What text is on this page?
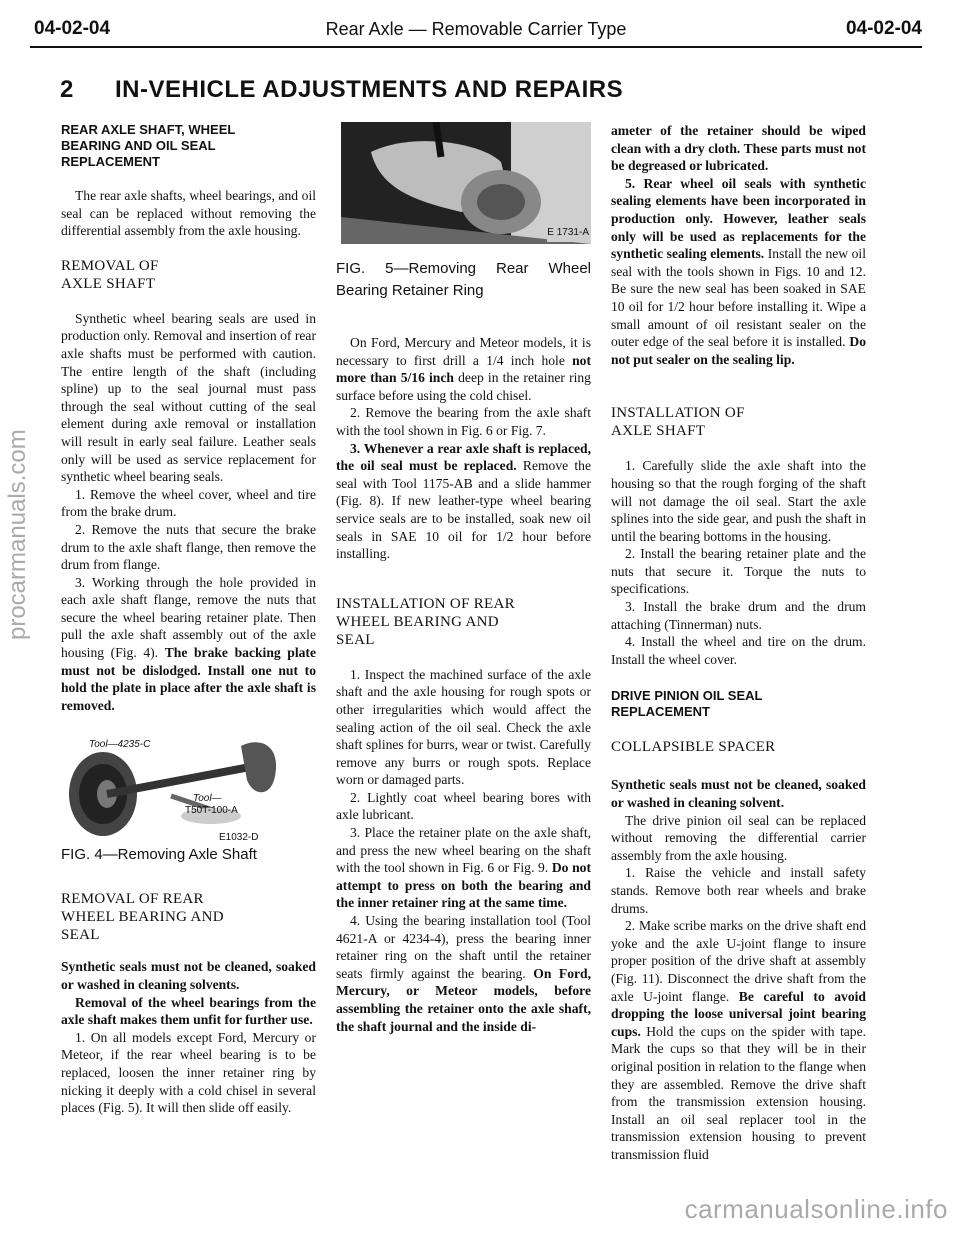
04-02-04	Rear Axle — Removable Carrier Type	04-02-04
2 IN-VEHICLE ADJUSTMENTS AND REPAIRS

REAR AXLE SHAFT, WHEEL
BEARING AND OIL SEAL
REPLACEMENT

The rear axle shafts, wheel bearings, and oil seal can be replaced without removing the differential assembly from the axle housing.

REMOVAL OF
AXLE SHAFT

Synthetic wheel bearing seals are used in production only. Removal and insertion of rear axle shafts must be performed with caution. The entire length of the shaft (including spline) up to the seal journal must pass through the seal without cutting of the seal element during axle removal or installation will result in early seal failure. Leather seals only will be used as service replacement for synthetic wheel bearing seals.

1. Remove the wheel cover, wheel and tire from the brake drum.

2. Remove the nuts that secure the brake drum to the axle shaft flange, then remove the drum from flange.

3. Working through the hole provided in each axle shaft flange, remove the nuts that secure the wheel bearing retainer plate. Then pull the axle shaft assembly out of the axle housing (Fig. 4). The brake backing plate must not be dislodged. Install one nut to hold the plate in place after the axle shaft is removed.

Tool—4235-C
Tool—
T50T-100-A
E1032-D

FIG. 4—Removing Axle Shaft

REMOVAL OF REAR
WHEEL BEARING AND
SEAL

Synthetic seals must not be cleaned, soaked or washed in cleaning solvents.

Removal of the wheel bearings from the axle shaft makes them unfit for further use.

1. On all models except Ford, Mercury or Meteor, if the rear wheel bearing is to be replaced, loosen the inner retainer ring by nicking it deeply with a cold chisel in several places (Fig. 5). It will then slide off easily.

E 1731-A

FIG. 5—Removing Rear Wheel Bearing Retainer Ring

On Ford, Mercury and Meteor models, it is necessary to first drill a 1/4 inch hole not more than 5/16 inch deep in the retainer ring surface before using the cold chisel.

2. Remove the bearing from the axle shaft with the tool shown in Fig. 6 or Fig. 7.

3. Whenever a rear axle shaft is replaced, the oil seal must be replaced. Remove the seal with Tool 1175-AB and a slide hammer (Fig. 8). If new leather-type wheel bearing service seals are to be installed, soak new oil seals in SAE 10 oil for 1/2 hour before installing.

INSTALLATION OF REAR
WHEEL BEARING AND
SEAL

1. Inspect the machined surface of the axle shaft and the axle housing for rough spots or other irregularities which would affect the sealing action of the oil seal. Check the axle shaft splines for burrs, wear or twist. Carefully remove any burrs or rough spots. Replace worn or damaged parts.

2. Lightly coat wheel bearing bores with axle lubricant.

3. Place the retainer plate on the axle shaft, and press the new wheel bearing on the shaft with the tool shown in Fig. 6 or Fig. 9. Do not attempt to press on both the bearing and the inner retainer ring at the same time.

4. Using the bearing installation tool (Tool 4621-A or 4234-4), press the bearing inner retainer ring on the shaft until the retainer seats firmly against the bearing. On Ford, Mercury, or Meteor models, before assembling the retainer onto the axle shaft, the shaft journal and the inside di-

ameter of the retainer should be wiped clean with a dry cloth. These parts must not be degreased or lubricated.

5. Rear wheel oil seals with synthetic sealing elements have been incorporated in production only. However, leather seals only will be used as replacements for the synthetic sealing elements. Install the new oil seal with the tools shown in Figs. 10 and 12. Be sure the new seal has been soaked in SAE 10 oil for 1/2 hour before installing it. Wipe a small amount of oil resistant sealer on the outer edge of the seal before it is installed. Do not put sealer on the sealing lip.

INSTALLATION OF
AXLE SHAFT

1. Carefully slide the axle shaft into the housing so that the rough forging of the shaft will not damage the oil seal. Start the axle splines into the side gear, and push the shaft in until the bearing bottoms in the housing.

2. Install the bearing retainer plate and the nuts that secure it. Torque the nuts to specifications.

3. Install the brake drum and the drum attaching (Tinnerman) nuts.

4. Install the wheel and tire on the drum. Install the wheel cover.

DRIVE PINION OIL SEAL
REPLACEMENT

COLLAPSIBLE SPACER

Synthetic seals must not be cleaned, soaked or washed in cleaning solvent.

The drive pinion oil seal can be replaced without removing the differential carrier assembly from the axle housing.

1. Raise the vehicle and install safety stands. Remove both rear wheels and brake drums.

2. Make scribe marks on the drive shaft end yoke and the axle U-joint flange to insure proper position of the drive shaft at assembly (Fig. 11). Disconnect the drive shaft from the axle U-joint flange. Be careful to avoid dropping the loose universal joint bearing cups. Hold the cups on the spider with tape. Mark the cups so that they will be in their original position in relation to the flange when they are assembled. Remove the drive shaft from the transmission extension housing. Install an oil seal replacer tool in the transmission extension housing to prevent transmission fluid

procarmanuals.com
carmanualsonline.info
